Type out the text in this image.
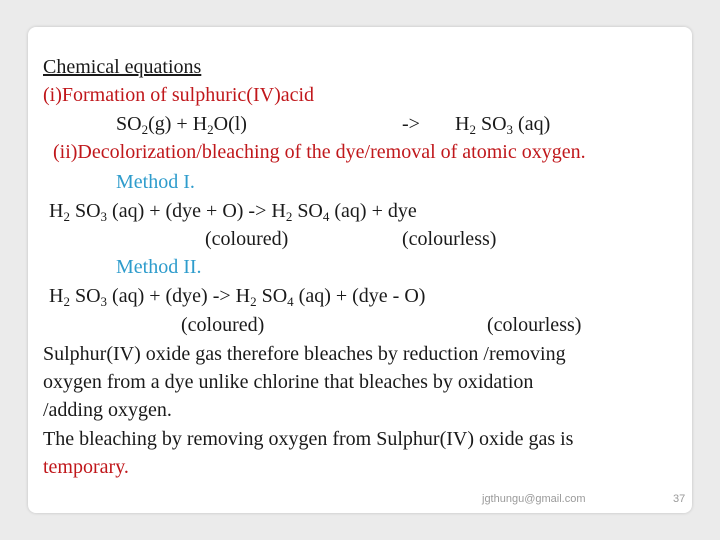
Chemical equations
(i)Formation of sulphuric(IV)acid
$SO_2(g) + H_2O(l)$	-> $H_2$ $SO_3$ (aq)
(ii)Decolorization/bleaching of the dye/removal of atomic oxygen.
Method I.
$H_2$ $SO_3$ $(aq) + (dye + O) -> H_2$ $SO_4$ (aq) + dye
(coloured)	(colourless)
Method II.
$H_2$ $SO_3$ $(aq) + (dye) -> H_2$ $SO_4$ (aq) + (dye - O)
(coloured)	(colourless)
Sulphur(IV) oxide gas therefore bleaches by reduction /removing
oxygen from a dye unlike chlorine that bleaches by oxidation
/adding oxygen.
The bleaching by removing oxygen from Sulphur(IV) oxide gas is
temporary.
jgthungu@gmail.com	37
